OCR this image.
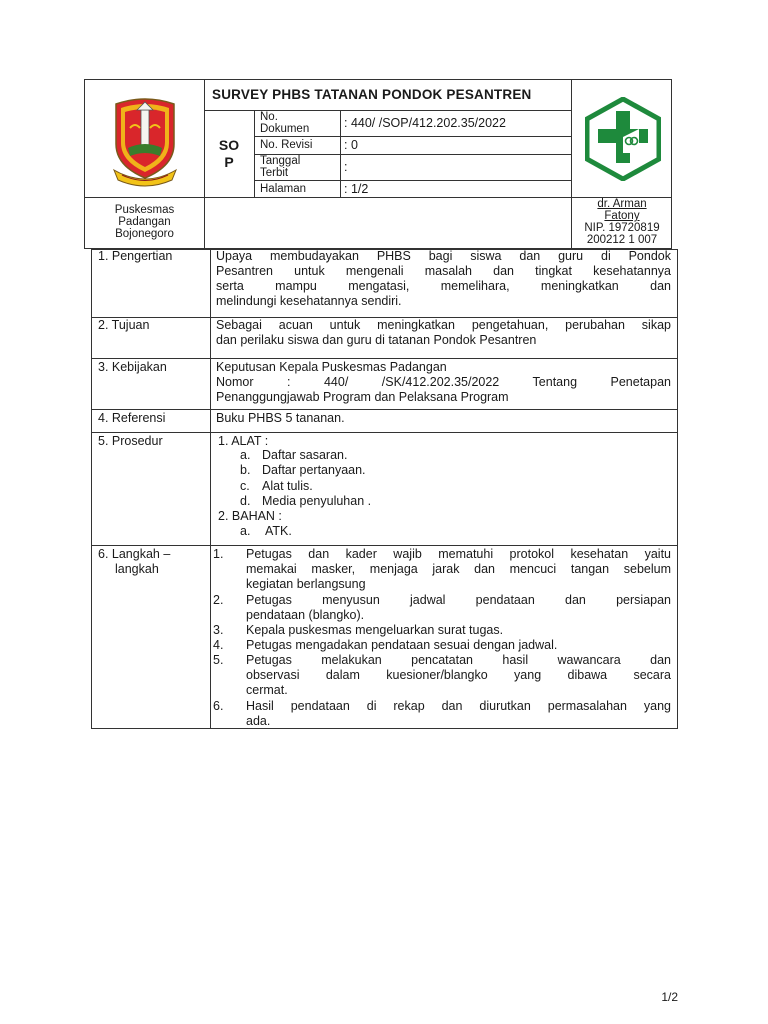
SURVEY PHBS TATANAN PONDOK PESANTREN
SO
P
No.
Dokumen	: 440/ /SOP/412.202.35/2022
No. Revisi	: 0
Tanggal
Terbit	:
Halaman	: 1/2
Puskesmas
Padangan
Bojonegoro
dr. Arman
Fatony
NIP. 19720819
200212 1 007
1. Pengertian	Upaya membudayakan PHBS bagi siswa dan guru di Pondok
Pesantren untuk mengenali masalah dan tingkat kesehatannya
serta mampu mengatasi, memelihara, meningkatkan dan
melindungi kesehatannya sendiri.
2. Tujuan	Sebagai acuan untuk meningkatkan pengetahuan, perubahan sikap
dan perilaku siswa dan guru di tatanan Pondok Pesantren
3. Kebijakan	Keputusan Kepala Puskesmas Padangan
Nomor : 440/ /SK/412.202.35/2022 Tentang Penetapan
Penanggungjawab Program dan Pelaksana Program
4. Referensi	Buku PHBS 5 tananan.
5. Prosedur	1. ALAT :
a. Daftar sasaran.
b. Daftar pertanyaan.
c. Alat tulis.
d. Media penyuluhan .
2. BAHAN :
a. ATK.
6. Langkah –
langkah
1. Petugas dan kader wajib mematuhi protokol kesehatan yaitu
memakai masker, menjaga jarak dan mencuci tangan sebelum
kegiatan berlangsung
2. Petugas menyusun jadwal pendataan dan persiapan
pendataan (blangko).
3. Kepala puskesmas mengeluarkan surat tugas.
4. Petugas mengadakan pendataan sesuai dengan jadwal.
5. Petugas melakukan pencatatan hasil wawancara dan
observasi dalam kuesioner/blangko yang dibawa secara
cermat.
6. Hasil pendataan di rekap dan diurutkan permasalahan yang
ada.
1/2
